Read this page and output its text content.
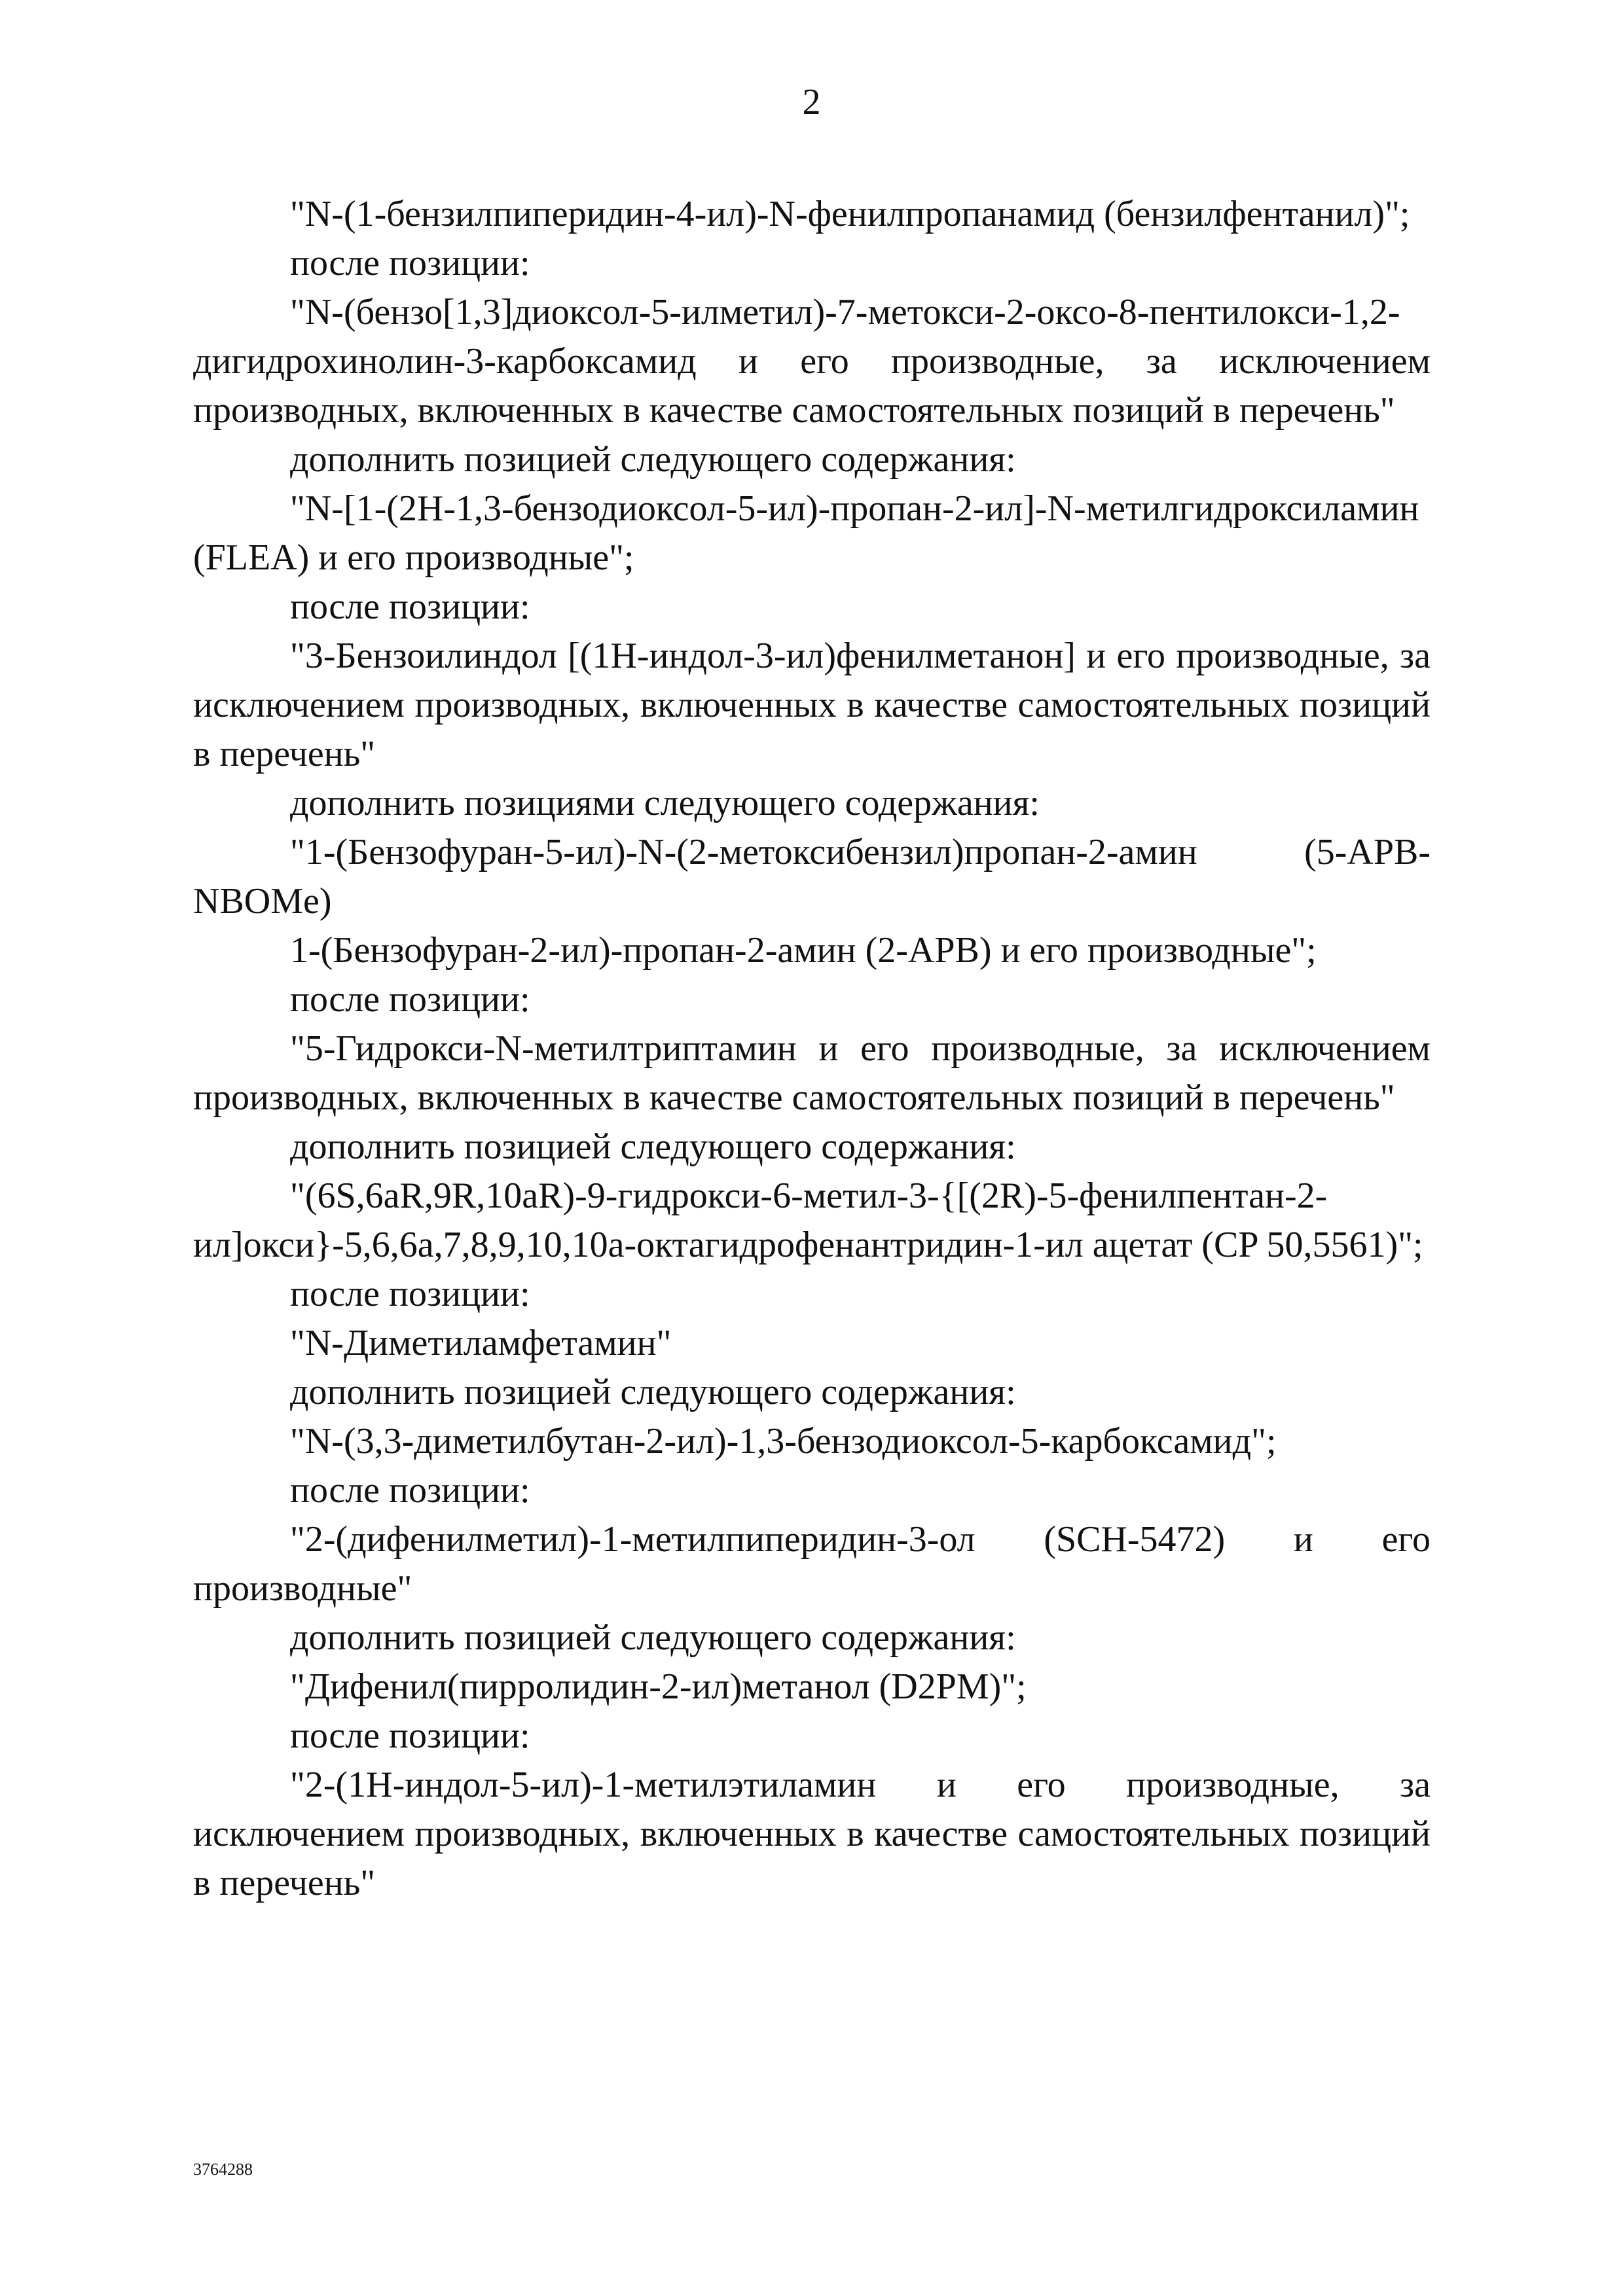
2

"N-(1-бензилпиперидин-4-ил)-N-фенилпропанамид (бензилфентанил)";

после позиции:

"N-(бензо[1,3]диоксол-5-илметил)-7-метокси-2-оксо-8-пентилокси-1,2-дигидрохинолин-3-карбоксамид и его производные, за исключением производных, включенных в качестве самостоятельных позиций в перечень"

дополнить позицией следующего содержания:

"N-[1-(2H-1,3-бензодиоксол-5-ил)-пропан-2-ил]-N-метилгидроксиламин (FLEA) и его производные";

после позиции:

"3-Бензоилиндол [(1H-индол-3-ил)фенилметанон] и его производные, за исключением производных, включенных в качестве самостоятельных позиций в перечень"

дополнить позициями следующего содержания:

"1-(Бензофуран-5-ил)-N-(2-метоксибензил)пропан-2-амин (5-APB-NBOMe)

1-(Бензофуран-2-ил)-пропан-2-амин (2-APB) и его производные";

после позиции:

"5-Гидрокси-N-метилтриптамин и его производные, за исключением производных, включенных в качестве самостоятельных позиций в перечень"

дополнить позицией следующего содержания:

"(6S,6aR,9R,10aR)-9-гидрокси-6-метил-3-{[(2R)-5-фенилпентан-2-ил]окси}-5,6,6a,7,8,9,10,10a-октагидрофенантридин-1-ил ацетат (CP 50,5561)";

после позиции:

"N-Диметиламфетамин"

дополнить позицией следующего содержания:

"N-(3,3-диметилбутан-2-ил)-1,3-бензодиоксол-5-карбоксамид";

после позиции:

"2-(дифенилметил)-1-метилпиперидин-3-ол (SCH-5472) и его производные"

дополнить позицией следующего содержания:

"Дифенил(пирролидин-2-ил)метанол (D2PM)";

после позиции:

"2-(1H-индол-5-ил)-1-метилэтиламин и его производные, за исключением производных, включенных в качестве самостоятельных позиций в перечень"

3764288
